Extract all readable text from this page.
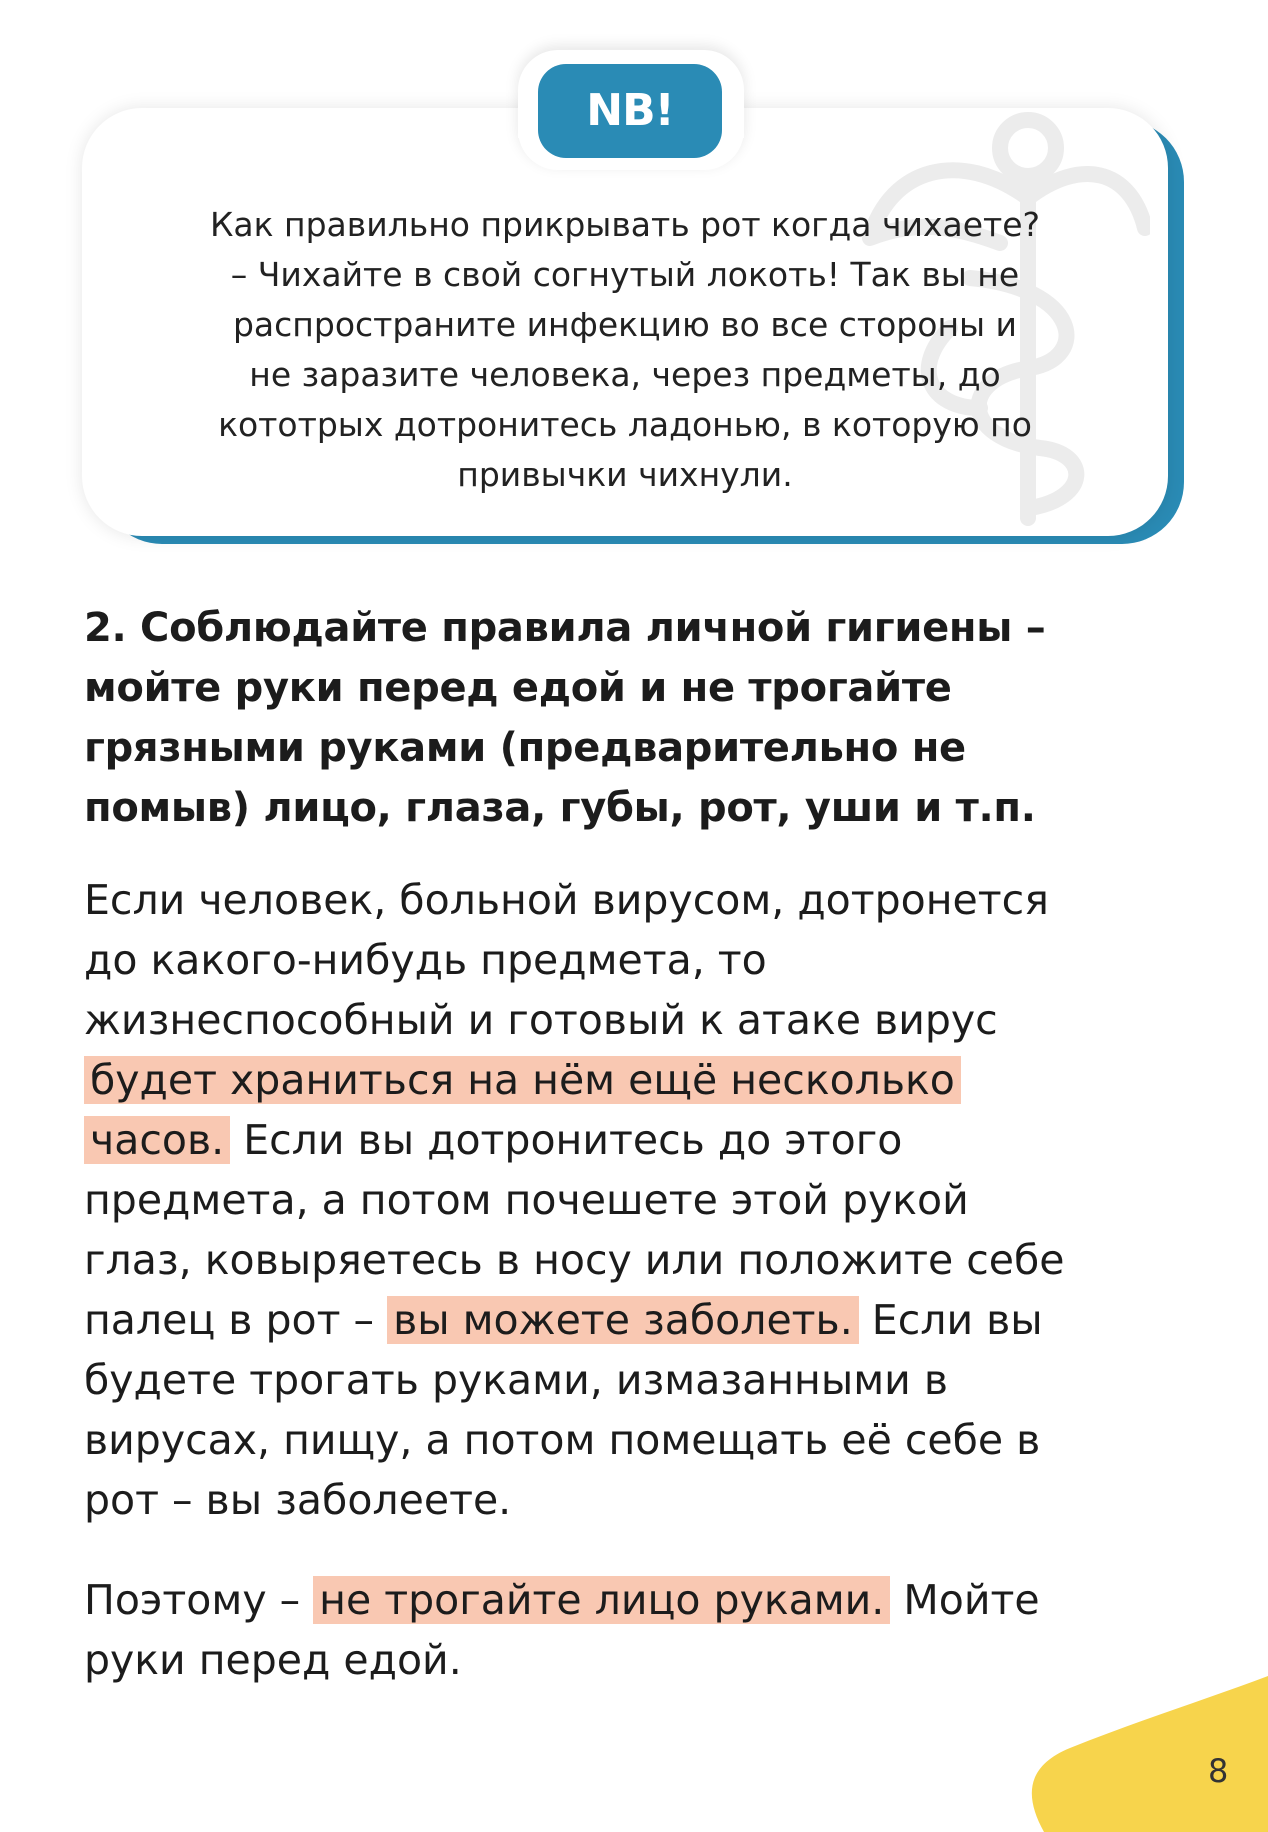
Как правильно прикрывать рот когда чихаете?
– Чихайте в свой согнутый локоть! Так вы не
распространите инфекцию во все стороны и
не заразите человека, через предметы, до
кототрых дотронитесь ладонью, в которую по
привычки чихнули.
NB!
2. Соблюдайте правила личной гигиены –
мойте руки перед едой и не трогайте
грязными руками (предварительно не
помыв) лицо, глаза, губы, рот, уши и т.п.
Если человек, больной вирусом, дотронется
до какого-нибудь предмета, то
жизнеспособный и готовый к атаке вирус
будет храниться на нём ещё несколько
часов. Если вы дотронитесь до этого
предмета, а потом почешете этой рукой
глаз, ковыряетесь в носу или положите себе
палец в рот – вы можете заболеть. Если вы
будете трогать руками, измазанными в
вирусах, пищу, а потом помещать её себе в
рот – вы заболеете.
Поэтому – не трогайте лицо руками. Мойте
руки перед едой.
8
